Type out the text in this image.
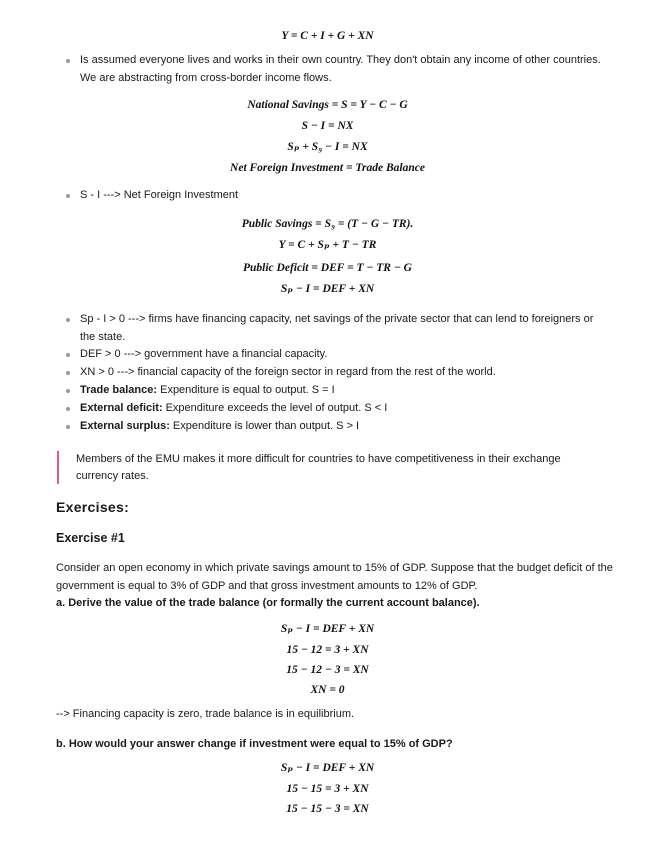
Y = C + I + G + XN
Is assumed everyone lives and works in their own country. They don't obtain any income of other countries. We are abstracting from cross-border income flows.
National Savings = S = Y − C − G
S − I = NX
Sₚ + S₉ − I = NX
Net Foreign Investment = Trade Balance
S - I ---> Net Foreign Investment
Public Savings = S₉ = (T − G − TR).
Y = C + Sₚ + T − TR
Public Deficit = DEF = T − TR − G
Sₚ − I = DEF + XN
Sp - I > 0 ---> firms have financing capacity, net savings of the private sector that can lend to foreigners or the state.
DEF > 0 ---> government have a financial capacity.
XN > 0 ---> financial capacity of the foreign sector in regard from the rest of the world.
Trade balance: Expenditure is equal to output. S = I
External deficit: Expenditure exceeds the level of output. S < I
External surplus: Expenditure is lower than output. S > I
Members of the EMU makes it more difficult for countries to have competitiveness in their exchange currency rates.
Exercises:
Exercise #1
Consider an open economy in which private savings amount to 15% of GDP. Suppose that the budget deficit of the government is equal to 3% of GDP and that gross investment amounts to 12% of GDP.
a. Derive the value of the trade balance (or formally the current account balance).
Sₚ − I = DEF + XN
15 − 12 = 3 + XN
15 − 12 − 3 = XN
XN = 0
--> Financing capacity is zero, trade balance is in equilibrium.
b. How would your answer change if investment were equal to 15% of GDP?
Sₚ − I = DEF + XN
15 − 15 = 3 + XN
15 − 15 − 3 = XN
